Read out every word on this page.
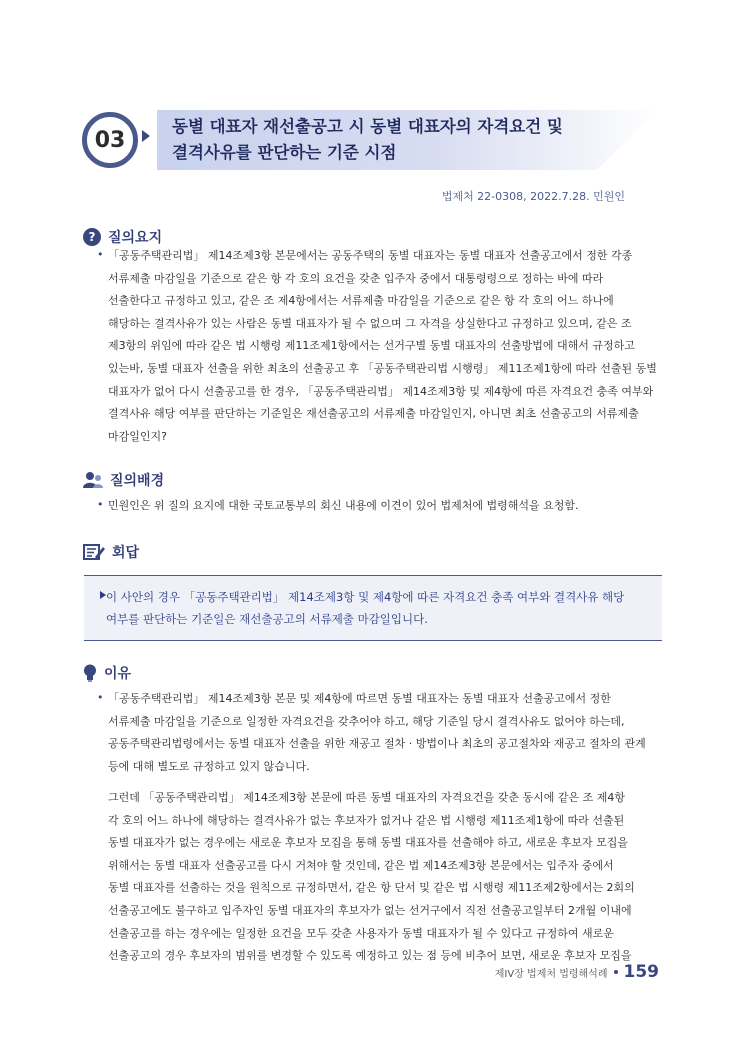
03
동별 대표자 재선출공고 시 동별 대표자의 자격요건 및
결격사유를 판단하는 기준 시점
법제처 22-0308, 2022.7.28. 민원인
? 질의요지
• 「공동주택관리법」 제14조제3항 본문에서는 공동주택의 동별 대표자는 동별 대표자 선출공고에서 정한 각종
서류제출 마감일을 기준으로 같은 항 각 호의 요건을 갖춘 입주자 중에서 대통령령으로 정하는 바에 따라
선출한다고 규정하고 있고, 같은 조 제4항에서는 서류제출 마감일을 기준으로 같은 항 각 호의 어느 하나에
해당하는 결격사유가 있는 사람은 동별 대표자가 될 수 없으며 그 자격을 상실한다고 규정하고 있으며, 같은 조
제3항의 위임에 따라 같은 법 시행령 제11조제1항에서는 선거구별 동별 대표자의 선출방법에 대해서 규정하고
있는바, 동별 대표자 선출을 위한 최초의 선출공고 후 「공동주택관리법 시행령」 제11조제1항에 따라 선출된 동별
대표자가 없어 다시 선출공고를 한 경우, 「공동주택관리법」 제14조제3항 및 제4항에 따른 자격요건 충족 여부와
결격사유 해당 여부를 판단하는 기준일은 재선출공고의 서류제출 마감일인지, 아니면 최초 선출공고의 서류제출
마감일인지?
질의배경
• 민원인은 위 질의 요지에 대한 국토교통부의 회신 내용에 이견이 있어 법제처에 법령해석을 요청함.
회답
이 사안의 경우 「공동주택관리법」 제14조제3항 및 제4항에 따른 자격요건 충족 여부와 결격사유 해당
여부를 판단하는 기준일은 재선출공고의 서류제출 마감일입니다.
이유
• 「공동주택관리법」 제14조제3항 본문 및 제4항에 따르면 동별 대표자는 동별 대표자 선출공고에서 정한
서류제출 마감일을 기준으로 일정한 자격요건을 갖추어야 하고, 해당 기준일 당시 결격사유도 없어야 하는데,
공동주택관리법령에서는 동별 대표자 선출을 위한 재공고 절차 · 방법이나 최초의 공고절차와 재공고 절차의 관계
등에 대해 별도로 규정하고 있지 않습니다.
그런데 「공동주택관리법」 제14조제3항 본문에 따른 동별 대표자의 자격요건을 갖춘 동시에 같은 조 제4항
각 호의 어느 하나에 해당하는 결격사유가 없는 후보자가 없거나 같은 법 시행령 제11조제1항에 따라 선출된
동별 대표자가 없는 경우에는 새로운 후보자 모집을 통해 동별 대표자를 선출해야 하고, 새로운 후보자 모집을
위해서는 동별 대표자 선출공고를 다시 거쳐야 할 것인데, 같은 법 제14조제3항 본문에서는 입주자 중에서
동별 대표자를 선출하는 것을 원칙으로 규정하면서, 같은 항 단서 및 같은 법 시행령 제11조제2항에서는 2회의
선출공고에도 불구하고 입주자인 동별 대표자의 후보자가 없는 선거구에서 직전 선출공고일부터 2개월 이내에
선출공고를 하는 경우에는 일정한 요건을 모두 갖춘 사용자가 동별 대표자가 될 수 있다고 규정하여 새로운
선출공고의 경우 후보자의 범위를 변경할 수 있도록 예정하고 있는 점 등에 비추어 보면, 새로운 후보자 모집을
제IV장 법제처 법령해석례 159
